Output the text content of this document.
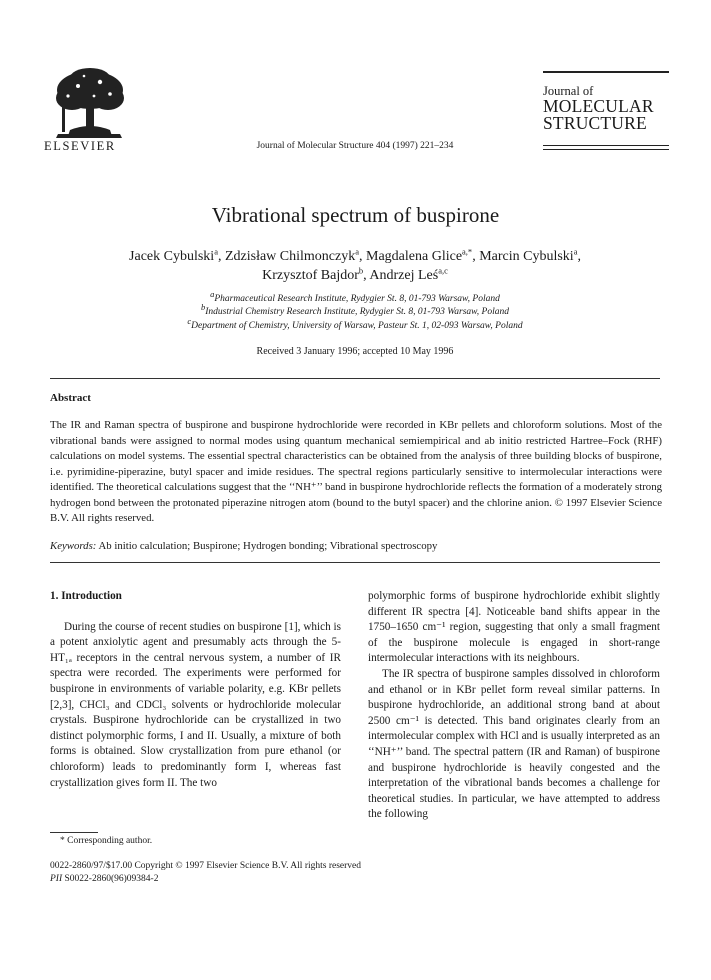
ELSEVIER	Journal of Molecular Structure 404 (1997) 221–234
Journal of
MOLECULAR
STRUCTURE
Vibrational spectrum of buspirone
Jacek Cybulski$^a$, Zdzisław Chilmonczyk$^a$, Magdalena Glice$^{a,*}$, Marcin Cybulski$^a$,
Krzysztof Bajdor$^b$, Andrzej Leś$^{a,c}$
$^a$Pharmaceutical Research Institute, Rydygier St. 8, 01-793 Warsaw, Poland
$^b$Industrial Chemistry Research Institute, Rydygier St. 8, 01-793 Warsaw, Poland
$^c$Department of Chemistry, University of Warsaw, Pasteur St. 1, 02-093 Warsaw, Poland
Received 3 January 1996; accepted 10 May 1996
Abstract
The IR and Raman spectra of buspirone and buspirone hydrochloride were recorded in KBr pellets and chloroform solutions. Most of the vibrational bands were assigned to normal modes using quantum mechanical semiempirical and ab initio restricted Hartree–Fock (RHF) calculations on model systems. The essential spectral characteristics can be obtained from the analysis of three building blocks of buspirone, i.e. pyrimidine-piperazine, butyl spacer and imide residues. The spectral regions particularly sensitive to intermolecular interactions were identified. The theoretical calculations suggest that the ‘‘NH⁺’’ band in buspirone hydrochloride reflects the formation of a moderately strong hydrogen bond between the protonated piperazine nitrogen atom (bound to the butyl spacer) and the chlorine anion. © 1997 Elsevier Science B.V. All rights reserved.
Keywords: Ab initio calculation; Buspirone; Hydrogen bonding; Vibrational spectroscopy
1. Introduction

During the course of recent studies on buspirone [1], which is a potent anxiolytic agent and presumably acts through the 5-HT₁ₐ receptors in the central nervous system, a number of IR spectra were recorded. The experiments were performed for buspirone in environments of variable polarity, e.g. KBr pellets [2,3], CHCl₃ and CDCl₃ solvents or hydrochloride molecular crystals. Buspirone hydrochloride can be crystallized in two distinct polymorphic forms, I and II. Usually, a mixture of both forms is obtained. Slow crystallization from pure ethanol (or chloroform) leads to predominantly form I, whereas fast crystallization gives form II. The two

polymorphic forms of buspirone hydrochloride exhibit slightly different IR spectra [4]. Noticeable band shifts appear in the 1750–1650 cm⁻¹ region, suggesting that only a small fragment of the buspirone molecule is engaged in short-range intermolecular interactions with its neighbours.

The IR spectra of buspirone samples dissolved in chloroform and ethanol or in KBr pellet form reveal similar patterns. In buspirone hydrochloride, an additional strong band at about 2500 cm⁻¹ is detected. This band originates clearly from an intermolecular complex with HCl and is usually interpreted as an ‘‘NH⁺’’ band. The spectral pattern (IR and Raman) of buspirone and buspirone hydrochloride is heavily congested and the interpretation of the vibrational bands becomes a challenge for theoretical studies. In particular, we have attempted to address the following

* Corresponding author.
0022-2860/97/$17.00 Copyright © 1997 Elsevier Science B.V. All rights reserved
PII S0022-2860(96)09384-2
